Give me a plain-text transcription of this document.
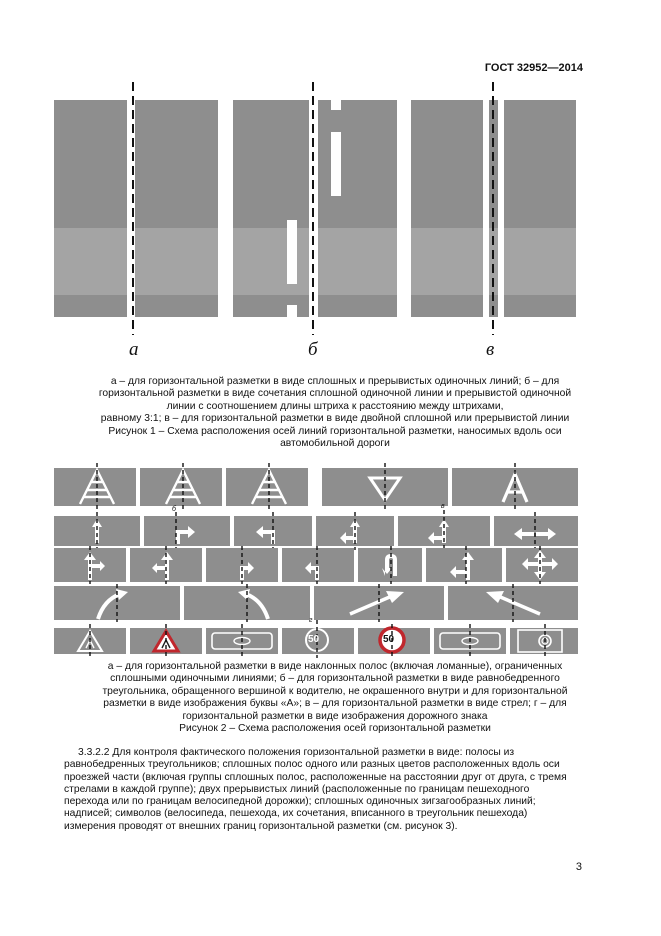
ГОСТ 32952—2014
а	б	в
а – для горизонтальной разметки в виде сплошных и прерывистых одиночных линий; б – для
горизонтальной разметки в виде сочетания сплошной одиночной линии и прерывистой одиночной
линии с соотношением длины штриха к расстоянию между штрихами,
равному 3:1; в – для горизонтальной разметки в виде двойной сплошной или прерывистой линии
Рисунок 1 – Схема расположения осей линий горизонтальной разметки, наносимых вдоль оси
автомобильной дороги
б	в
г
50	50
а – для горизонтальной разметки в виде наклонных полос (включая ломанные), ограниченных
сплошными одиночными линиями; б – для горизонтальной разметки в виде равнобедренного
треугольника, обращенного вершиной к водителю, не окрашенного внутри и для горизонтальной
разметки в виде изображения буквы «А»; в – для горизонтальной разметки в виде стрел; г – для
горизонтальной разметки в виде изображения дорожного знака
Рисунок 2 – Схема расположения осей горизонтальной разметки
3.3.2.2 Для контроля фактического положения горизонтальной разметки в виде: полосы из
равнобедренных треугольников; сплошных полос одного или разных цветов расположенных вдоль оси
проезжей части (включая группы сплошных полос, расположенные на расстоянии друг от друга, с тремя
стрелами в каждой группе); двух прерывистых линий (расположенные по границам пешеходного
перехода или по границам велосипедной дорожки); сплошных одиночных зигзагообразных линий;
надписей; символов (велосипеда, пешехода, их сочетания, вписанного в треугольник пешехода)
измерения проводят от внешних границ горизонтальной разметки (см. рисунок 3).
3
